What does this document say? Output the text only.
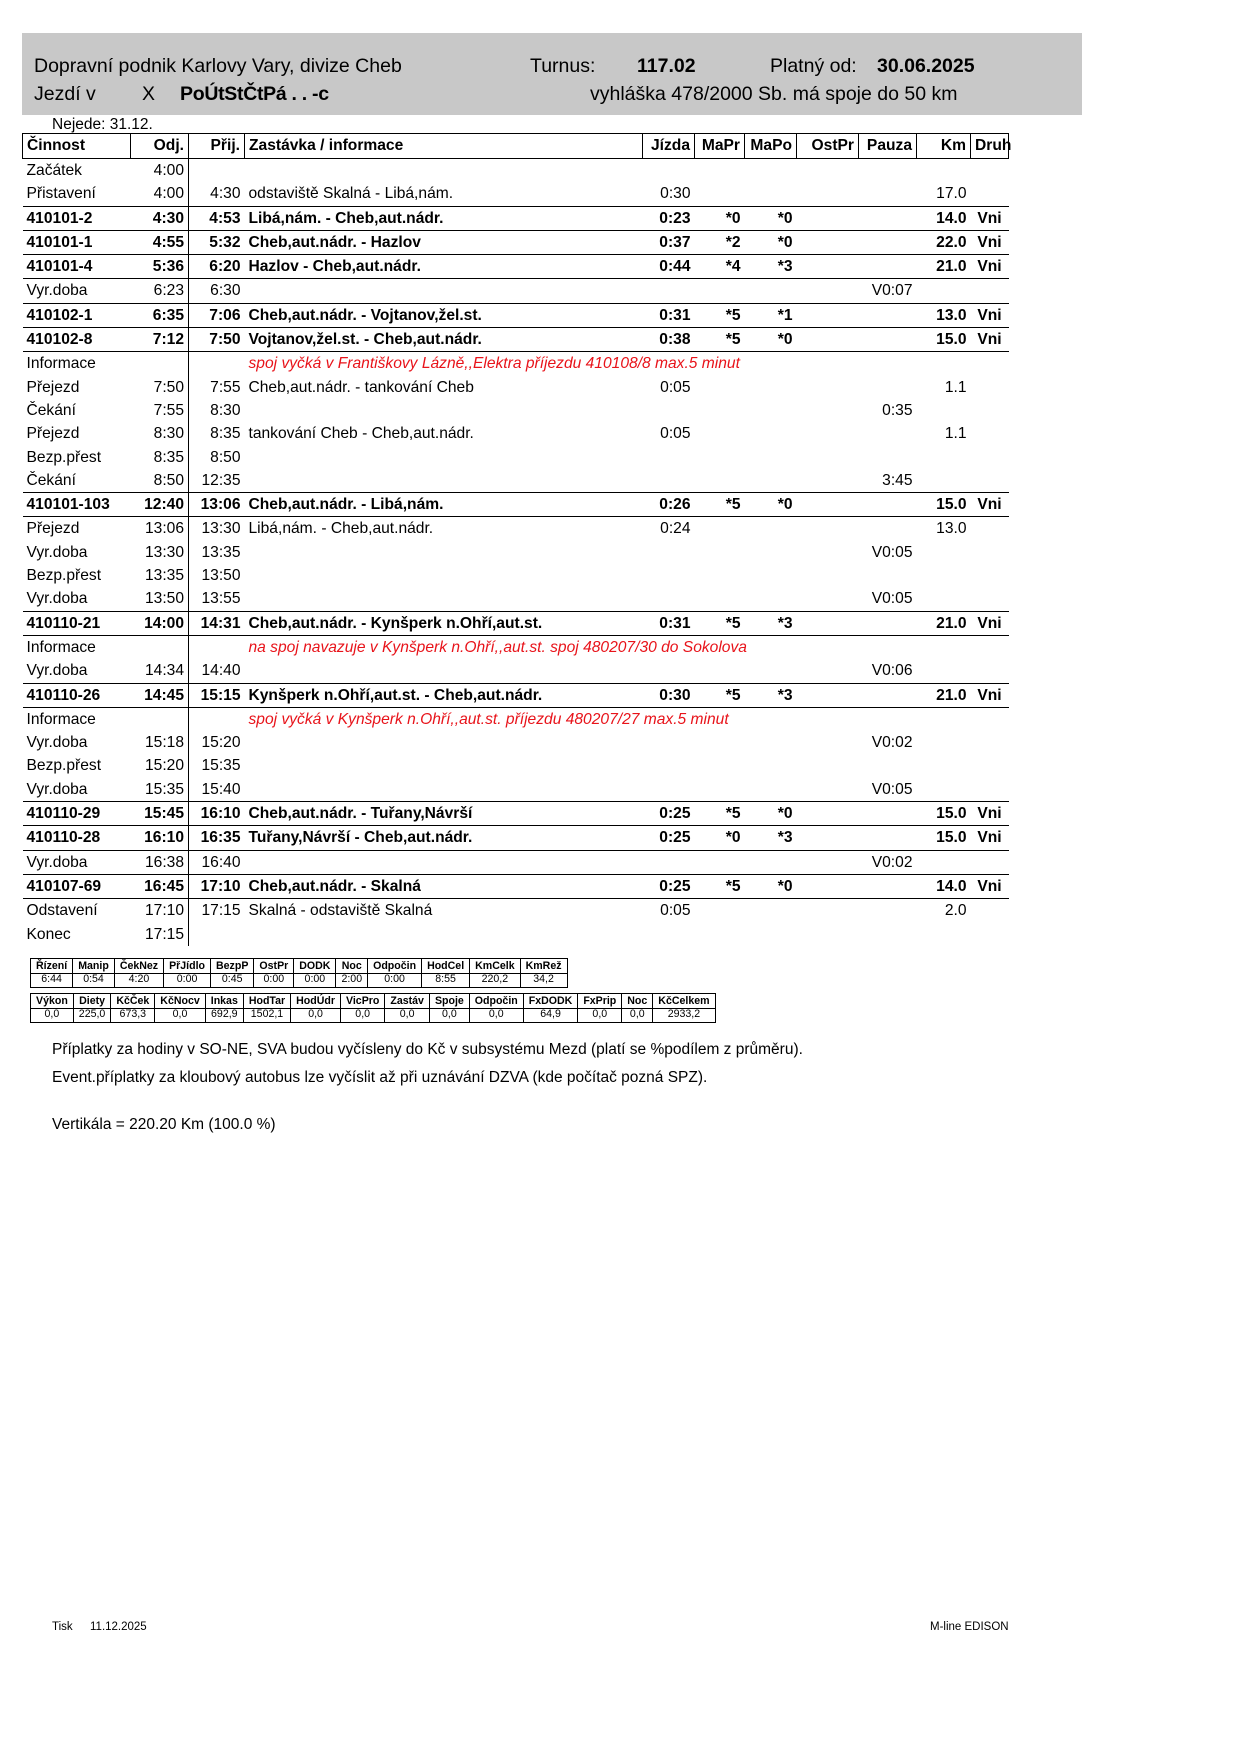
Dopravní podnik Karlovy Vary, divize Cheb	Turnus: 117.02	Platný od: 30.06.2025
Jezdí v X PoÚtStČtPá . . -c	vyhláška 478/2000 Sb. má spoje do 50 km
Nejede: 31.12.
Činnost	Odj.	Přij.	Zastávka / informace	Jízda	MaPr	MaPo	OstPr	Pauza	Km	Druh
Začátek	4:00									
Přistavení	4:00	4:30	odstaviště Skalná - Libá,nám.	0:30					17.0	
410101-2	4:30	4:53	Libá,nám. - Cheb,aut.nádr.	0:23	*0	*0			14.0	Vni
410101-1	4:55	5:32	Cheb,aut.nádr. - Hazlov	0:37	*2	*0			22.0	Vni
410101-4	5:36	6:20	Hazlov - Cheb,aut.nádr.	0:44	*4	*3			21.0	Vni
Vyr.doba	6:23	6:30						V0:07		
410102-1	6:35	7:06	Cheb,aut.nádr. - Vojtanov,žel.st.	0:31	*5	*1			13.0	Vni
410102-8	7:12	7:50	Vojtanov,žel.st. - Cheb,aut.nádr.	0:38	*5	*0			15.0	Vni
Informace			spoj vyčká v Františkovy Lázně,,Elektra příjezdu 410108/8 max.5 minut							
Přejezd	7:50	7:55	Cheb,aut.nádr. - tankování Cheb	0:05					1.1	
Čekání	7:55	8:30						0:35		
Přejezd	8:30	8:35	tankování Cheb - Cheb,aut.nádr.	0:05					1.1	
Bezp.přest	8:35	8:50								
Čekání	8:50	12:35						3:45		
410101-103	12:40	13:06	Cheb,aut.nádr. - Libá,nám.	0:26	*5	*0			15.0	Vni
Přejezd	13:06	13:30	Libá,nám. - Cheb,aut.nádr.	0:24					13.0	
Vyr.doba	13:30	13:35						V0:05		
Bezp.přest	13:35	13:50								
Vyr.doba	13:50	13:55						V0:05		
410110-21	14:00	14:31	Cheb,aut.nádr. - Kynšperk n.Ohří,aut.st.	0:31	*5	*3			21.0	Vni
Informace			na spoj navazuje v Kynšperk n.Ohří,,aut.st. spoj 480207/30 do Sokolova							
Vyr.doba	14:34	14:40						V0:06		
410110-26	14:45	15:15	Kynšperk n.Ohří,aut.st. - Cheb,aut.nádr.	0:30	*5	*3			21.0	Vni
Informace			spoj vyčká v Kynšperk n.Ohří,,aut.st. příjezdu 480207/27 max.5 minut							
Vyr.doba	15:18	15:20						V0:02		
Bezp.přest	15:20	15:35								
Vyr.doba	15:35	15:40						V0:05		
410110-29	15:45	16:10	Cheb,aut.nádr. - Tuřany,Návrší	0:25	*5	*0			15.0	Vni
410110-28	16:10	16:35	Tuřany,Návrší - Cheb,aut.nádr.	0:25	*0	*3			15.0	Vni
Vyr.doba	16:38	16:40						V0:02		
410107-69	16:45	17:10	Cheb,aut.nádr. - Skalná	0:25	*5	*0			14.0	Vni
Odstavení	17:10	17:15	Skalná - odstaviště Skalná	0:05					2.0	
Konec	17:15									
Řízení	Manip	ČekNez	PřJídlo	BezpP	OstPr	DODK	Noc	Odpočin	HodCel	KmCelk	KmRež
6:44	0:54	4:20	0:00	0:45	0:00	0:00	2:00	0:00	8:55	220,2	34,2
Výkon	Diety	KčČek	KčNocv	Inkas	HodTar	HodÚdr	VicPro	Zastáv	Spoje	Odpočin	FxDODK	FxPrip	Noc	KčCelkem
0,0	225,0	673,3	0,0	692,9	1502,1	0,0	0,0	0,0	0,0	0,0	64,9	0,0	0,0	2933,2
Příplatky za hodiny v SO-NE, SVA budou vyčísleny do Kč v subsystému Mezd (platí se %podílem z průměru).
Event.příplatky za kloubový autobus lze vyčíslit až při uznávání DZVA (kde počítač pozná SPZ).
Vertikála = 220.20 Km (100.0 %)
Tisk 11.12.2025	M-line EDISON
